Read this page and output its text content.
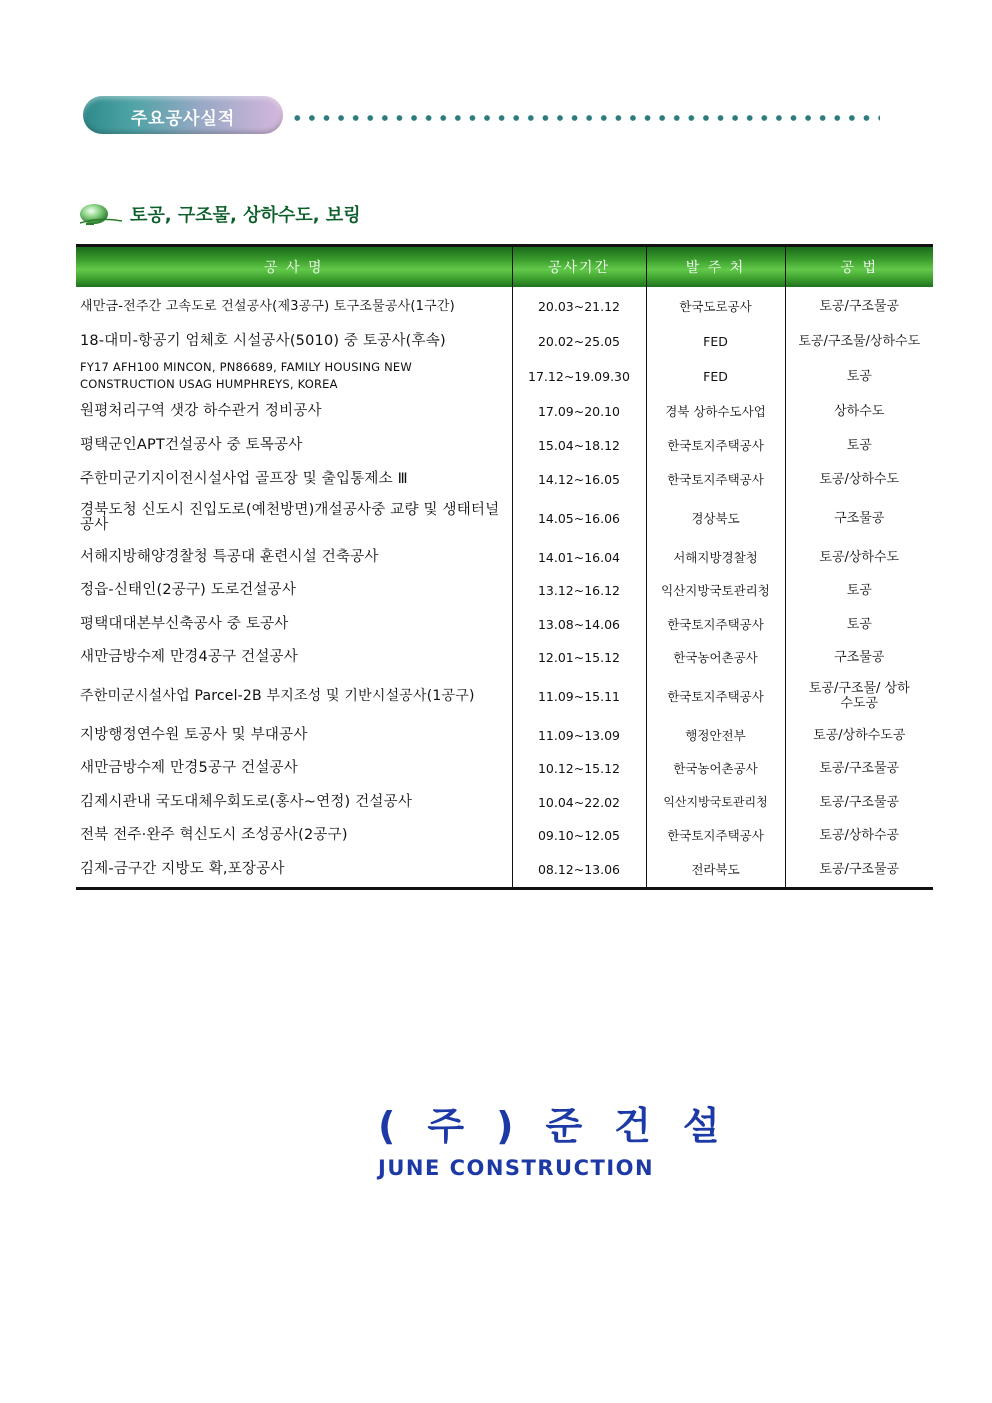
주요공사실적
토공, 구조물, 상하수도, 보링
공 사 명	공사기간	발 주 처	공 법
새만금-전주간 고속도로 건설공사(제3공구) 토구조물공사(1구간)	20.03~21.12	한국도로공사	토공/구조물공
18-대미-항공기 엄체호 시설공사(5010) 중 토공사(후속)	20.02~25.05	FED	토공/구조물/상하수도
FY17 AFH100 MINCON, PN86689, FAMILY HOUSING NEW CONSTRUCTION USAG HUMPHREYS, KOREA	17.12~19.09.30	FED	토공
원평처리구역 샛강 하수관거 정비공사	17.09~20.10	경북 상하수도사업	상하수도
평택군인APT건설공사 중 토목공사	15.04~18.12	한국토지주택공사	토공
주한미군기지이전시설사업 골프장 및 출입통제소 Ⅲ	14.12~16.05	한국토지주택공사	토공/상하수도
경북도청 신도시 진입도로(예천방면)개설공사중 교량 및 생태터널공사	14.05~16.06	경상북도	구조물공
서해지방해양경찰청 특공대 훈련시설 건축공사	14.01~16.04	서해지방경찰청	토공/상하수도
정읍-신태인(2공구) 도로건설공사	13.12~16.12	익산지방국토관리청	토공
평택대대본부신축공사 중 토공사	13.08~14.06	한국토지주택공사	토공
새만금방수제 만경4공구 건설공사	12.01~15.12	한국농어촌공사	구조물공
주한미군시설사업 Parcel-2B 부지조성 및 기반시설공사(1공구)	11.09~15.11	한국토지주택공사	토공/구조물/ 상하수도공
지방행정연수원 토공사 및 부대공사	11.09~13.09	행정안전부	토공/상하수도공
새만금방수제 만경5공구 건설공사	10.12~15.12	한국농어촌공사	토공/구조물공
김제시관내 국도대체우회도로(홍사~연정) 건설공사	10.04~22.02	익산지방국토관리청	토공/구조물공
전북 전주·완주 혁신도시 조성공사(2공구)	09.10~12.05	한국토지주택공사	토공/상하수공
김제-금구간 지방도 확,포장공사	08.12~13.06	전라북도	토공/구조물공
(주)준건설
JUNE CONSTRUCTION
